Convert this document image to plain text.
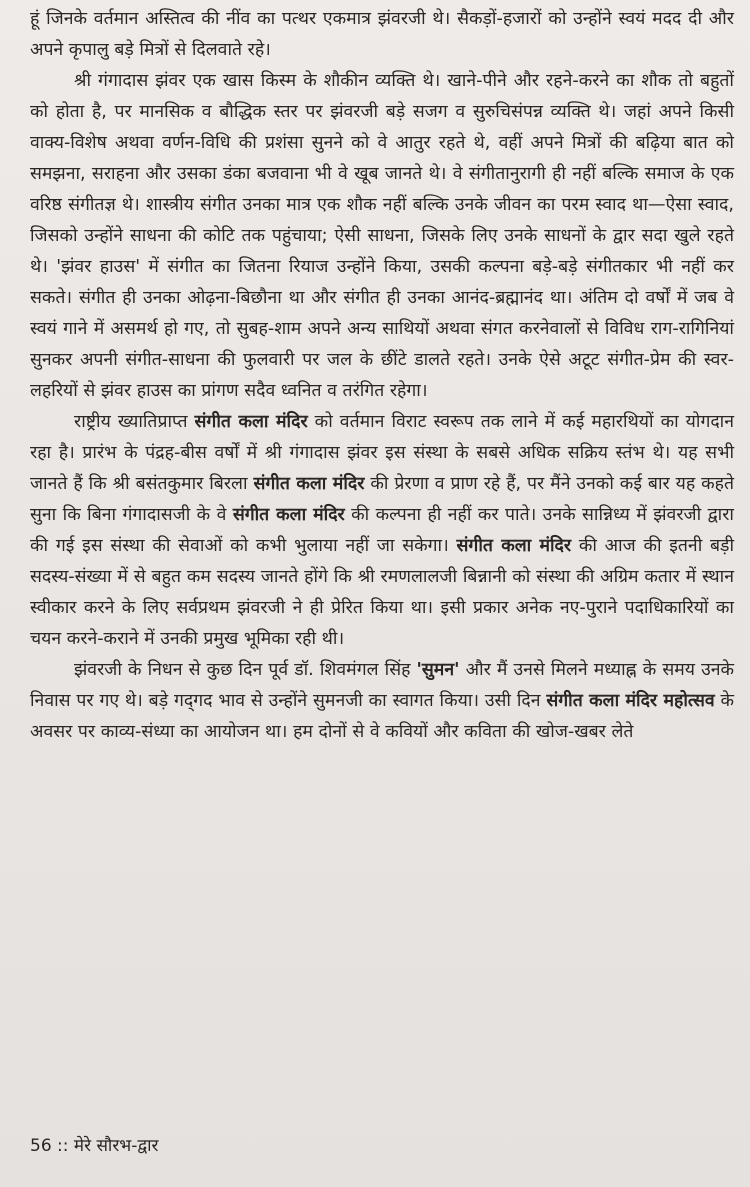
हूं जिनके वर्तमान अस्तित्व की नींव का पत्थर एकमात्र झंवरजी थे। सैकड़ों-हजारों को उन्होंने स्वयं मदद दी और अपने कृपालु बड़े मित्रों से दिलवाते रहे।

श्री गंगादास झंवर एक खास किस्म के शौकीन व्यक्ति थे। खाने-पीने और रहने-करने का शौक तो बहुतों को होता है, पर मानसिक व बौद्धिक स्तर पर झंवरजी बड़े सजग व सुरुचिसंपन्न व्यक्ति थे। जहां अपने किसी वाक्य-विशेष अथवा वर्णन-विधि की प्रशंसा सुनने को वे आतुर रहते थे, वहीं अपने मित्रों की बढ़िया बात को समझना, सराहना और उसका डंका बजवाना भी वे खूब जानते थे। वे संगीतानुरागी ही नहीं बल्कि समाज के एक वरिष्ठ संगीतज्ञ थे। शास्त्रीय संगीत उनका मात्र एक शौक नहीं बल्कि उनके जीवन का परम स्वाद था—ऐसा स्वाद, जिसको उन्होंने साधना की कोटि तक पहुंचाया; ऐसी साधना, जिसके लिए उनके साधनों के द्वार सदा खुले रहते थे। 'झंवर हाउस' में संगीत का जितना रियाज उन्होंने किया, उसकी कल्पना बड़े-बड़े संगीतकार भी नहीं कर सकते। संगीत ही उनका ओढ़ना-बिछौना था और संगीत ही उनका आनंद-ब्रह्मानंद था। अंतिम दो वर्षों में जब वे स्वयं गाने में असमर्थ हो गए, तो सुबह-शाम अपने अन्य साथियों अथवा संगत करनेवालों से विविध राग-रागिनियां सुनकर अपनी संगीत-साधना की फुलवारी पर जल के छींटे डालते रहते। उनके ऐसे अटूट संगीत-प्रेम की स्वर-लहरियों से झंवर हाउस का प्रांगण सदैव ध्वनित व तरंगित रहेगा।

राष्ट्रीय ख्यातिप्राप्त संगीत कला मंदिर को वर्तमान विराट स्वरूप तक लाने में कई महारथियों का योगदान रहा है। प्रारंभ के पंद्रह-बीस वर्षों में श्री गंगादास झंवर इस संस्था के सबसे अधिक सक्रिय स्तंभ थे। यह सभी जानते हैं कि श्री बसंतकुमार बिरला संगीत कला मंदिर की प्रेरणा व प्राण रहे हैं, पर मैंने उनको कई बार यह कहते सुना कि बिना गंगादासजी के वे संगीत कला मंदिर की कल्पना ही नहीं कर पाते। उनके सान्निध्य में झंवरजी द्वारा की गई इस संस्था की सेवाओं को कभी भुलाया नहीं जा सकेगा। संगीत कला मंदिर की आज की इतनी बड़ी सदस्य-संख्या में से बहुत कम सदस्य जानते होंगे कि श्री रमणलालजी बिन्नानी को संस्था की अग्रिम कतार में स्थान स्वीकार करने के लिए सर्वप्रथम झंवरजी ने ही प्रेरित किया था। इसी प्रकार अनेक नए-पुराने पदाधिकारियों का चयन करने-कराने में उनकी प्रमुख भूमिका रही थी।

झंवरजी के निधन से कुछ दिन पूर्व डॉ. शिवमंगल सिंह 'सुमन' और मैं उनसे मिलने मध्याह्न के समय उनके निवास पर गए थे। बड़े गद्‌गद भाव से उन्होंने सुमनजी का स्वागत किया। उसी दिन संगीत कला मंदिर महोत्सव के अवसर पर काव्य-संध्या का आयोजन था। हम दोनों से वे कवियों और कविता की खोज-खबर लेते

56 :: मेरे सौरभ-द्वार
